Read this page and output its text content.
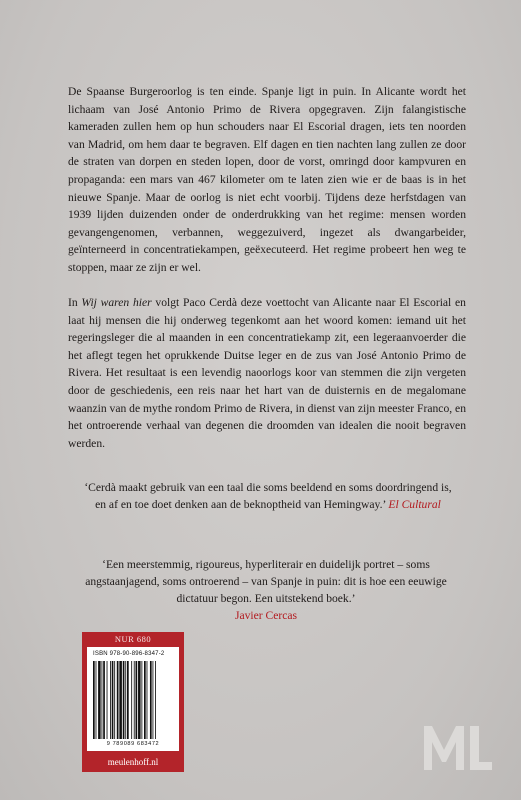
De Spaanse Burgeroorlog is ten einde. Spanje ligt in puin. In Alicante wordt het lichaam van José Antonio Primo de Rivera opgegraven. Zijn falangistische kameraden zullen hem op hun schouders naar El Escorial dragen, iets ten noorden van Madrid, om hem daar te begraven. Elf dagen en tien nachten lang zullen ze door de straten van dorpen en steden lopen, door de vorst, omringd door kampvuren en propaganda: een mars van 467 kilometer om te laten zien wie er de baas is in het nieuwe Spanje. Maar de oorlog is niet echt voorbij. Tijdens deze herfstdagen van 1939 lijden duizenden onder de onderdrukking van het regime: mensen worden gevangengenomen, verbannen, weggezuiverd, ingezet als dwangarbeider, geïnterneerd in concentratiekampen, geëxecuteerd. Het regime probeert hen weg te stoppen, maar ze zijn er wel.

In Wij waren hier volgt Paco Cerdà deze voettocht van Alicante naar El Escorial en laat hij mensen die hij onderweg tegenkomt aan het woord komen: iemand uit het regeringsleger die al maanden in een concentratiekamp zit, een legeraanvoerder die het aflegt tegen het oprukkende Duitse leger en de zus van José Antonio Primo de Rivera. Het resultaat is een levendig naoorlogs koor van stemmen die zijn vergeten door de geschiedenis, een reis naar het hart van de duisternis en de megalomane waanzin van de mythe rondom Primo de Rivera, in dienst van zijn meester Franco, en het ontroerende verhaal van degenen die droomden van idealen die nooit begraven werden.

‘Cerdà maakt gebruik van een taal die soms beeldend en soms doordringend is, en af en toe doet denken aan de beknoptheid van Hemingway.’ El Cultural

‘Een meerstemmig, rigoureus, hyperliterair en duidelijk portret – soms angstaanjagend, soms ontroerend – van Spanje in puin: dit is hoe een eeuwige dictatuur begon. Een uitstekend boek.’
Javier Cercas

NUR 680
ISBN 978-90-896-8347-2
9 789089 683472
meulenhoff.nl
